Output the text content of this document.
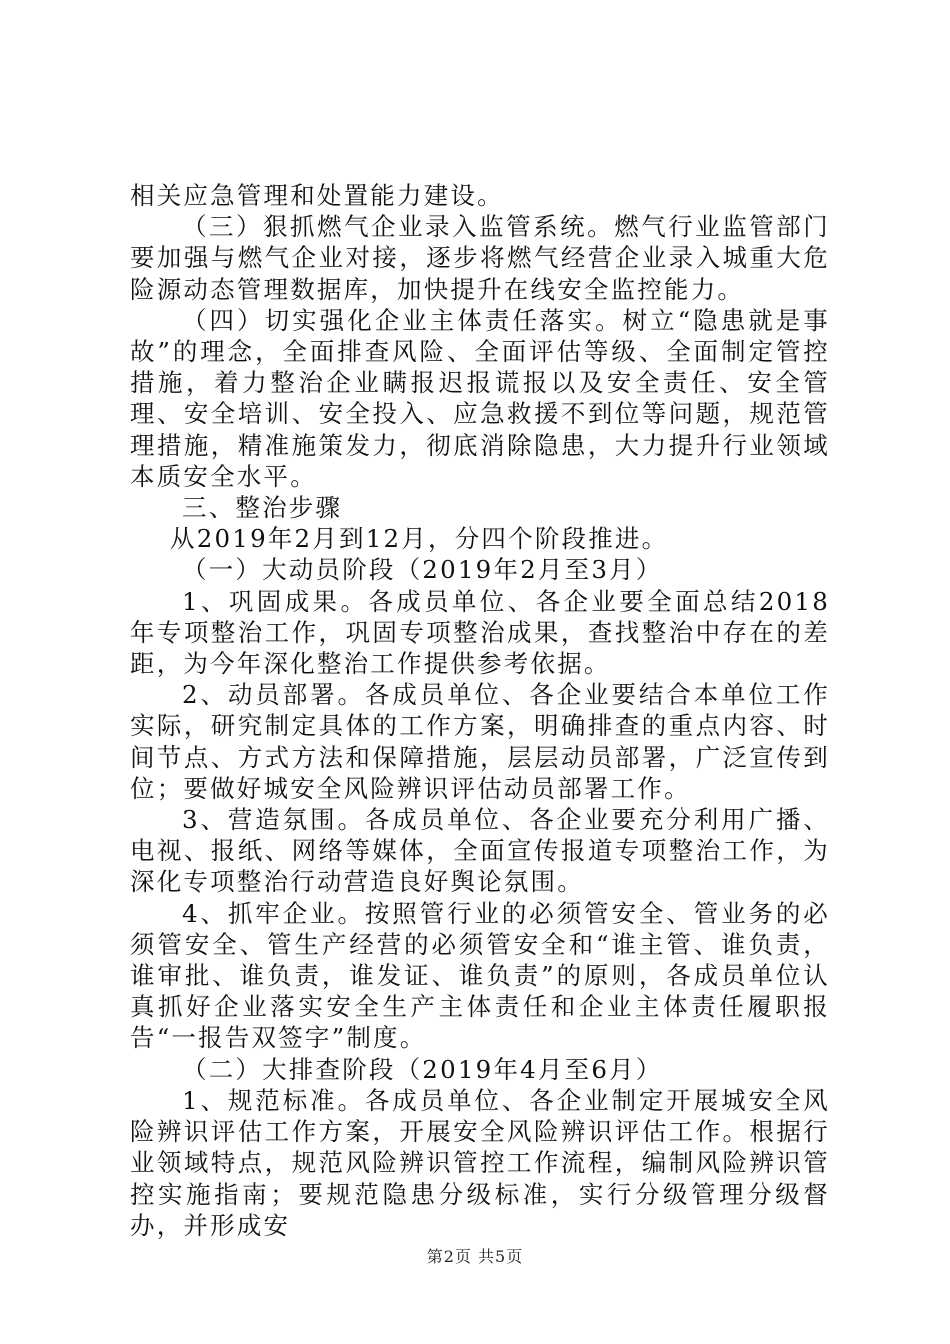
相关应急管理和处置能力建设。

（三）狠抓燃气企业录入监管系统。燃气行业监管部门要加强与燃气企业对接，逐步将燃气经营企业录入城重大危险源动态管理数据库，加快提升在线安全监控能力。

（四）切实强化企业主体责任落实。树立“隐患就是事故”的理念，全面排查风险、全面评估等级、全面制定管控措施，着力整治企业瞒报迟报谎报以及安全责任、安全管理、安全培训、安全投入、应急救援不到位等问题，规范管理措施，精准施策发力，彻底消除隐患，大力提升行业领域本质安全水平。

三、整治步骤

从2019年2月到12月，分四个阶段推进。

（一）大动员阶段（2019年2月至3月）

1、巩固成果。各成员单位、各企业要全面总结2018年专项整治工作，巩固专项整治成果，查找整治中存在的差距，为今年深化整治工作提供参考依据。

2、动员部署。各成员单位、各企业要结合本单位工作实际，研究制定具体的工作方案，明确排查的重点内容、时间节点、方式方法和保障措施，层层动员部署，广泛宣传到位；要做好城安全风险辨识评估动员部署工作。

3、营造氛围。各成员单位、各企业要充分利用广播、电视、报纸、网络等媒体，全面宣传报道专项整治工作，为深化专项整治行动营造良好舆论氛围。

4、抓牢企业。按照管行业的必须管安全、管业务的必须管安全、管生产经营的必须管安全和“谁主管、谁负责，谁审批、谁负责，谁发证、谁负责”的原则，各成员单位认真抓好企业落实安全生产主体责任和企业主体责任履职报告“一报告双签字”制度。

（二）大排查阶段（2019年4月至6月）

1、规范标准。各成员单位、各企业制定开展城安全风险辨识评估工作方案，开展安全风险辨识评估工作。根据行业领域特点，规范风险辨识管控工作流程，编制风险辨识管控实施指南；要规范隐患分级标准，实行分级管理分级督办，并形成安

第2页 共5页
